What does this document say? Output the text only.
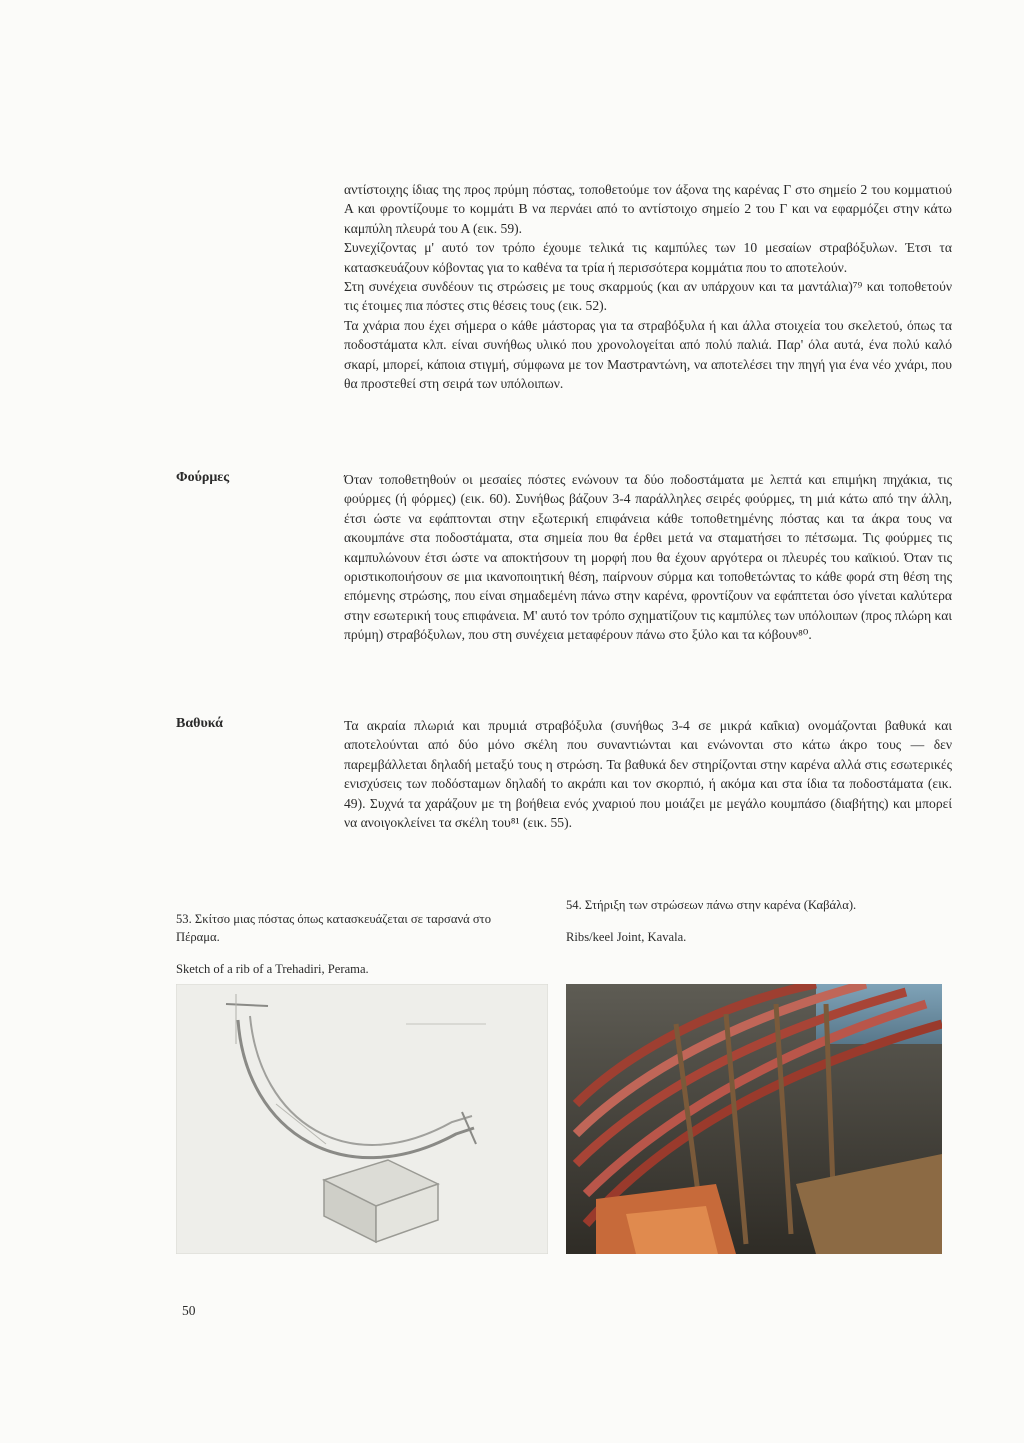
αντίστοιχης ίδιας της προς πρύμη πόστας, τοποθετούμε τον άξονα της καρένας Γ στο σημείο 2 του κομματιού Α και φροντίζουμε το κομμάτι Β να περνάει από το αντίστοιχο σημείο 2 του Γ και να εφαρμόζει στην κάτω καμπύλη πλευρά του Α (εικ. 59).

Συνεχίζοντας μ' αυτό τον τρόπο έχουμε τελικά τις καμπύλες των 10 μεσαίων στραβόξυλων. Έτσι τα κατασκευάζουν κόβοντας για το καθένα τα τρία ή περισσότερα κομμάτια που το αποτελούν.

Στη συνέχεια συνδέουν τις στρώσεις με τους σκαρμούς (και αν υπάρχουν και τα μαντάλια)⁷⁹ και τοποθετούν τις έτοιμες πια πόστες στις θέσεις τους (εικ. 52).

Τα χνάρια που έχει σήμερα ο κάθε μάστορας για τα στραβόξυλα ή και άλλα στοιχεία του σκελετού, όπως τα ποδοστάματα κλπ. είναι συνήθως υλικό που χρονολογείται από πολύ παλιά. Παρ' όλα αυτά, ένα πολύ καλό σκαρί, μπορεί, κάποια στιγμή, σύμφωνα με τον Μαστραντώνη, να αποτελέσει την πηγή για ένα νέο χνάρι, που θα προστεθεί στη σειρά των υπόλοιπων.

Φούρμες	Όταν τοποθετηθούν οι μεσαίες πόστες ενώνουν τα δύο ποδοστάματα με λεπτά και επιμήκη πηχάκια, τις φούρμες (ή φόρμες) (εικ. 60). Συνήθως βάζουν 3-4 παράλληλες σειρές φούρμες, τη μιά κάτω από την άλλη, έτσι ώστε να εφάπτονται στην εξωτερική επιφάνεια κάθε τοποθετημένης πόστας και τα άκρα τους να ακουμπάνε στα ποδοστάματα, στα σημεία που θα έρθει μετά να σταματήσει το πέτσωμα. Τις φούρμες τις καμπυλώνουν έτσι ώστε να αποκτήσουν τη μορφή που θα έχουν αργότερα οι πλευρές του καϊκιού. Όταν τις οριστικοποιήσουν σε μια ικανοποιητική θέση, παίρνουν σύρμα και τοποθετώντας το κάθε φορά στη θέση της επόμενης στρώσης, που είναι σημαδεμένη πάνω στην καρένα, φροντίζουν να εφάπτεται όσο γίνεται καλύτερα στην εσωτερική τους επιφάνεια. Μ' αυτό τον τρόπο σχηματίζουν τις καμπύλες των υπόλοιπων (προς πλώρη και πρύμη) στραβόξυλων, που στη συνέχεια μεταφέρουν πάνω στο ξύλο και τα κόβουν⁸⁰.

Βαθυκά	Τα ακραία πλωριά και πρυμιά στραβόξυλα (συνήθως 3-4 σε μικρά καΐκια) ονομάζονται βαθυκά και αποτελούνται από δύο μόνο σκέλη που συναντιώνται και ενώνονται στο κάτω άκρο τους — δεν παρεμβάλλεται δηλαδή μεταξύ τους η στρώση. Τα βαθυκά δεν στηρίζονται στην καρένα αλλά στις εσωτερικές ενισχύσεις των ποδόσταμων δηλαδή το ακράπι και τον σκορπιό, ή ακόμα και στα ίδια τα ποδοστάματα (εικ. 49). Συχνά τα χαράζουν με τη βοήθεια ενός χναριού που μοιάζει με μεγάλο κουμπάσο (διαβήτης) και μπορεί να ανοιγοκλείνει τα σκέλη του⁸¹ (εικ. 55).

53. Σκίτσο μιας πόστας όπως κατασκευάζεται σε ταρσανά στο Πέραμα.

Sketch of a rib of a Trehadiri, Perama.

54. Στήριξη των στρώσεων πάνω στην καρένα (Καβάλα).

Ribs/keel Joint, Kavala.

50
